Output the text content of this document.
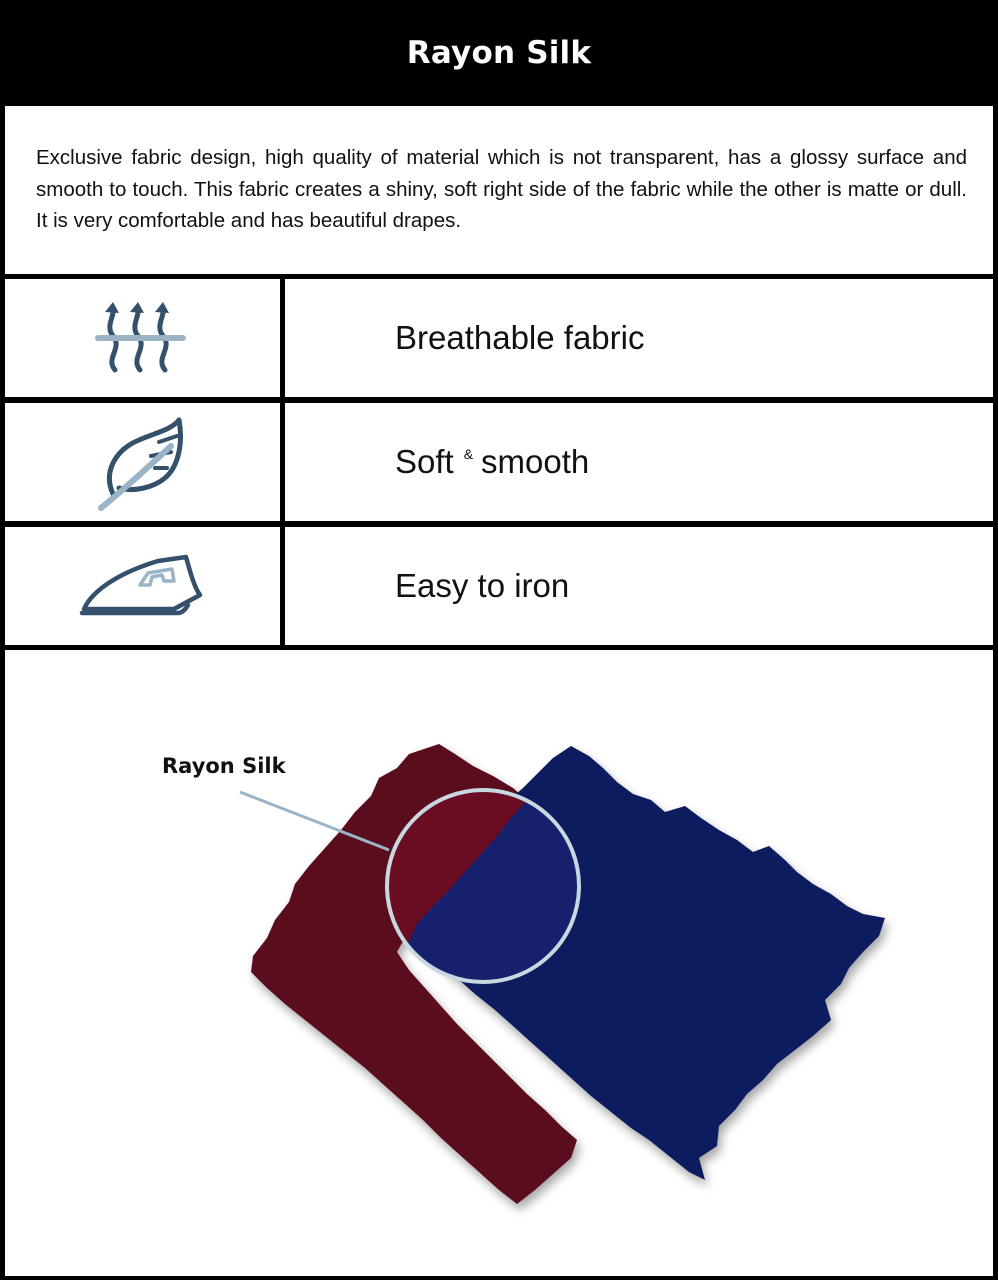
Rayon Silk

Exclusive fabric design, high quality of material which is not transparent, has a glossy surface and smooth to touch. This fabric creates a shiny, soft right side of the fabric while the other is matte or dull. It is very comfortable and has beautiful drapes.

Breathable fabric
Soft & smooth
Easy to iron
Rayon Silk
